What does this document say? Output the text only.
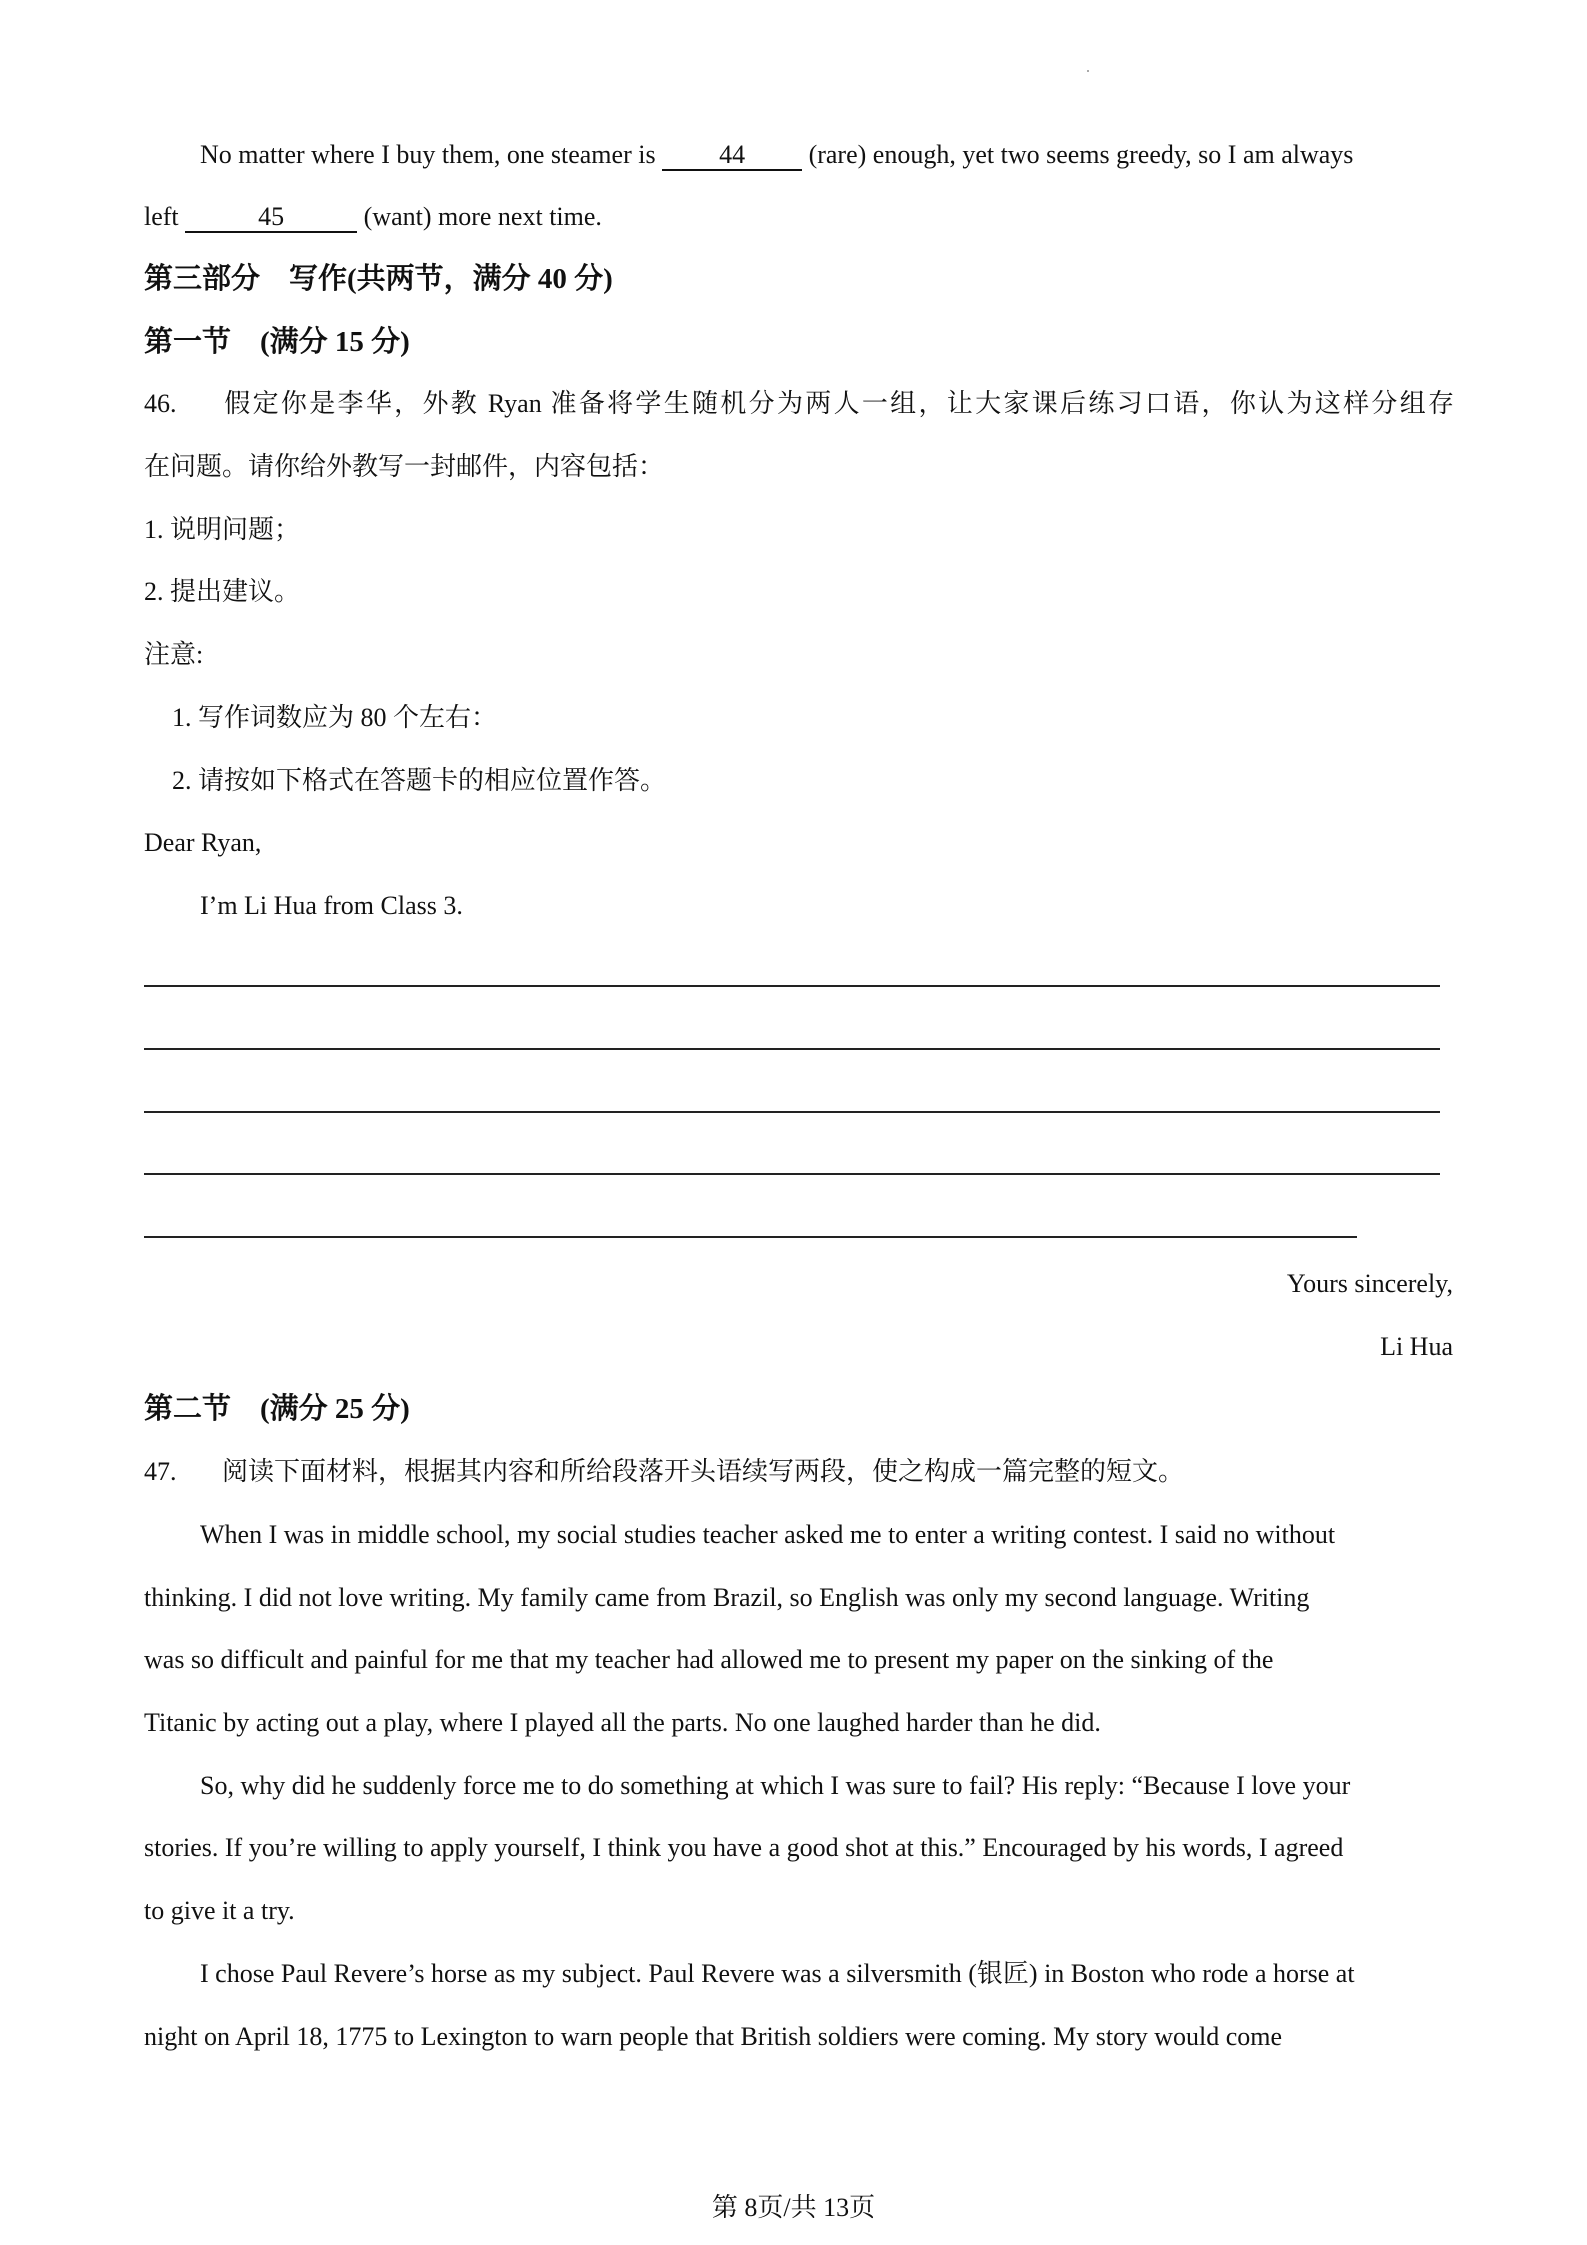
No matter where I buy them, one steamer is 44 (rare) enough, yet two seems greedy, so I am always
left	45	(want) more next time.
第三部分　写作(共两节，满分 40 分)
第一节　(满分 15 分)
46. 假定你是李华，外教 Ryan 准备将学生随机分为两人一组，让大家课后练习口语，你认为这样分组存
在问题。请你给外教写一封邮件，内容包括：
1. 说明问题；
2. 提出建议。
注意:
1. 写作词数应为 80 个左右：
2. 请按如下格式在答题卡的相应位置作答。
Dear Ryan,
I’m Li Hua from Class 3.
Yours sincerely,
Li Hua
第二节　(满分 25 分)
47. 阅读下面材料，根据其内容和所给段落开头语续写两段，使之构成一篇完整的短文。
When I was in middle school, my social studies teacher asked me to enter a writing contest. I said no without
thinking. I did not love writing. My family came from Brazil, so English was only my second language. Writing
was so difficult and painful for me that my teacher had allowed me to present my paper on the sinking of the
Titanic by acting out a play, where I played all the parts. No one laughed harder than he did.
So, why did he suddenly force me to do something at which I was sure to fail? His reply: “Because I love your
stories. If you’re willing to apply yourself, I think you have a good shot at this.” Encouraged by his words, I agreed
to give it a try.
I chose Paul Revere’s horse as my subject. Paul Revere was a silversmith (银匠) in Boston who rode a horse at
night on April 18, 1775 to Lexington to warn people that British soldiers were coming. My story would come
第 8页/共 13页
